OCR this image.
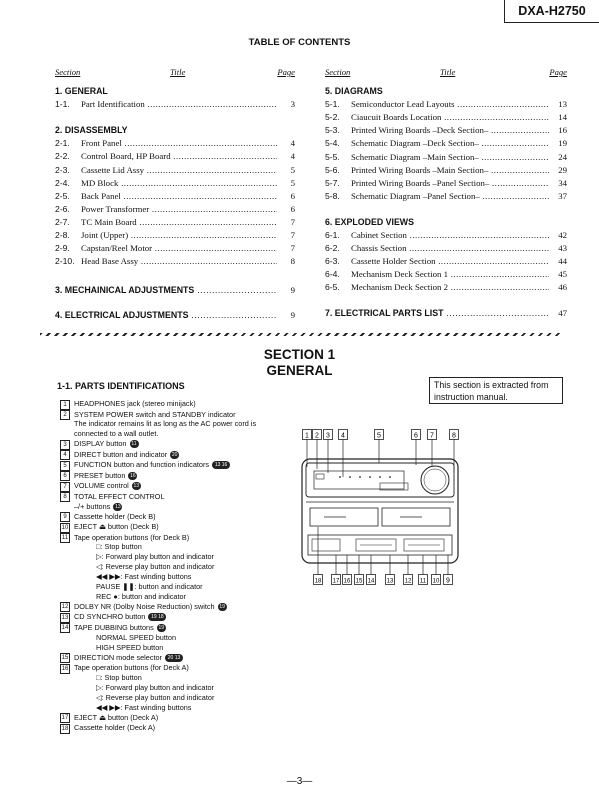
DXA-H2750
TABLE OF CONTENTS
Section	Title	Page
1. GENERAL
1-1.	Part Identification .....	3
2. DISASSEMBLY
2-1.	Front Panel .....	4
2-2.	Control Board, HP Board .....	4
2-3.	Cassette Lid Assy .....	5
2-4.	MD Block .....	5
2-5.	Back Panel .....	6
2-6.	Power Transformer .....	6
2-7.	TC Main Board .....	7
2-8.	Joint (Upper) .....	7
2-9.	Capstan/Reel Motor .....	7
2-10. Head Base Assy .....	8
3. MECHAINICAL ADJUSTMENTS .....	9
4. ELECTRICAL ADJUSTMENTS .....	9
Section	Title	Page
5. DIAGRAMS
5-1.	Semiconductor Lead Layouts .....	13
5-2.	Ciaucuit Boards Location .....	14
5-3.	Printed Wiring Boards –Deck Section– .....	16
5-4.	Schematic Diagram –Deck Section– .....	19
5-5.	Schematic Diagram –Main Section– .....	24
5-6.	Printed Wiring Boards –Main Section– .....	29
5-7.	Printed Wiring Boards –Panel Section– .....	34
5-8.	Schematic Diagram –Panel Section– .....	37
6. EXPLODED VIEWS
6-1.	Cabinet Section .....	42
6-2.	Chassis Section .....	43
6-3.	Cassette Holder Section .....	44
6-4.	Mechanism Deck Section 1 .....	45
6-5.	Mechanism Deck Section 2 .....	46
7. ELECTRICAL PARTS LIST .....	47
SECTION 1
GENERAL
This section is extracted from instruction manual.
1-1. PARTS IDENTIFICATIONS
1	HEADPHONES jack (stereo minijack)
2	SYSTEM POWER switch and STANDBY indicator
The indicator remains lit as long as the AC power cord is connected to a wall outlet.
3	DISPLAY button 11
4	DIRECT button and indicator 20
5	FUNCTION button and function indicators 13 16
6	PRESET button 16
7	VOLUME control 13
8	TOTAL EFFECT CONTROL
–/+ buttons 13
9	Cassette holder (Deck B)
10 EJECT ⏏ button (Deck B)
11 Tape operation buttons (for Deck B)
□: Stop button
▷: Forward play button and indicator
◁: Reverse play button and indicator
◀◀ ▶▶: Fast winding buttons
PAUSE ❚❚: button and indicator
REC ●: button and indicator
12 DOLBY NR (Dolby Noise Reduction) switch 19
13 CD SYNCHRO button 19 18
14 TAPE DUBBING buttons 19
NORMAL SPEED button
HIGH SPEED button
15 DIRECTION mode selector 20 13
16 Tape operation buttons (for Deck A)
□: Stop button
▷: Forward play button and indicator
◁: Reverse play button and indicator
◀◀ ▶▶: Fast winding buttons
17 EJECT ⏏ button (Deck A)
18 Cassette holder (Deck A)
1 2 3 4	5	6 7	8
18 17 16 15 14 13 12 11 10 9
—3—
